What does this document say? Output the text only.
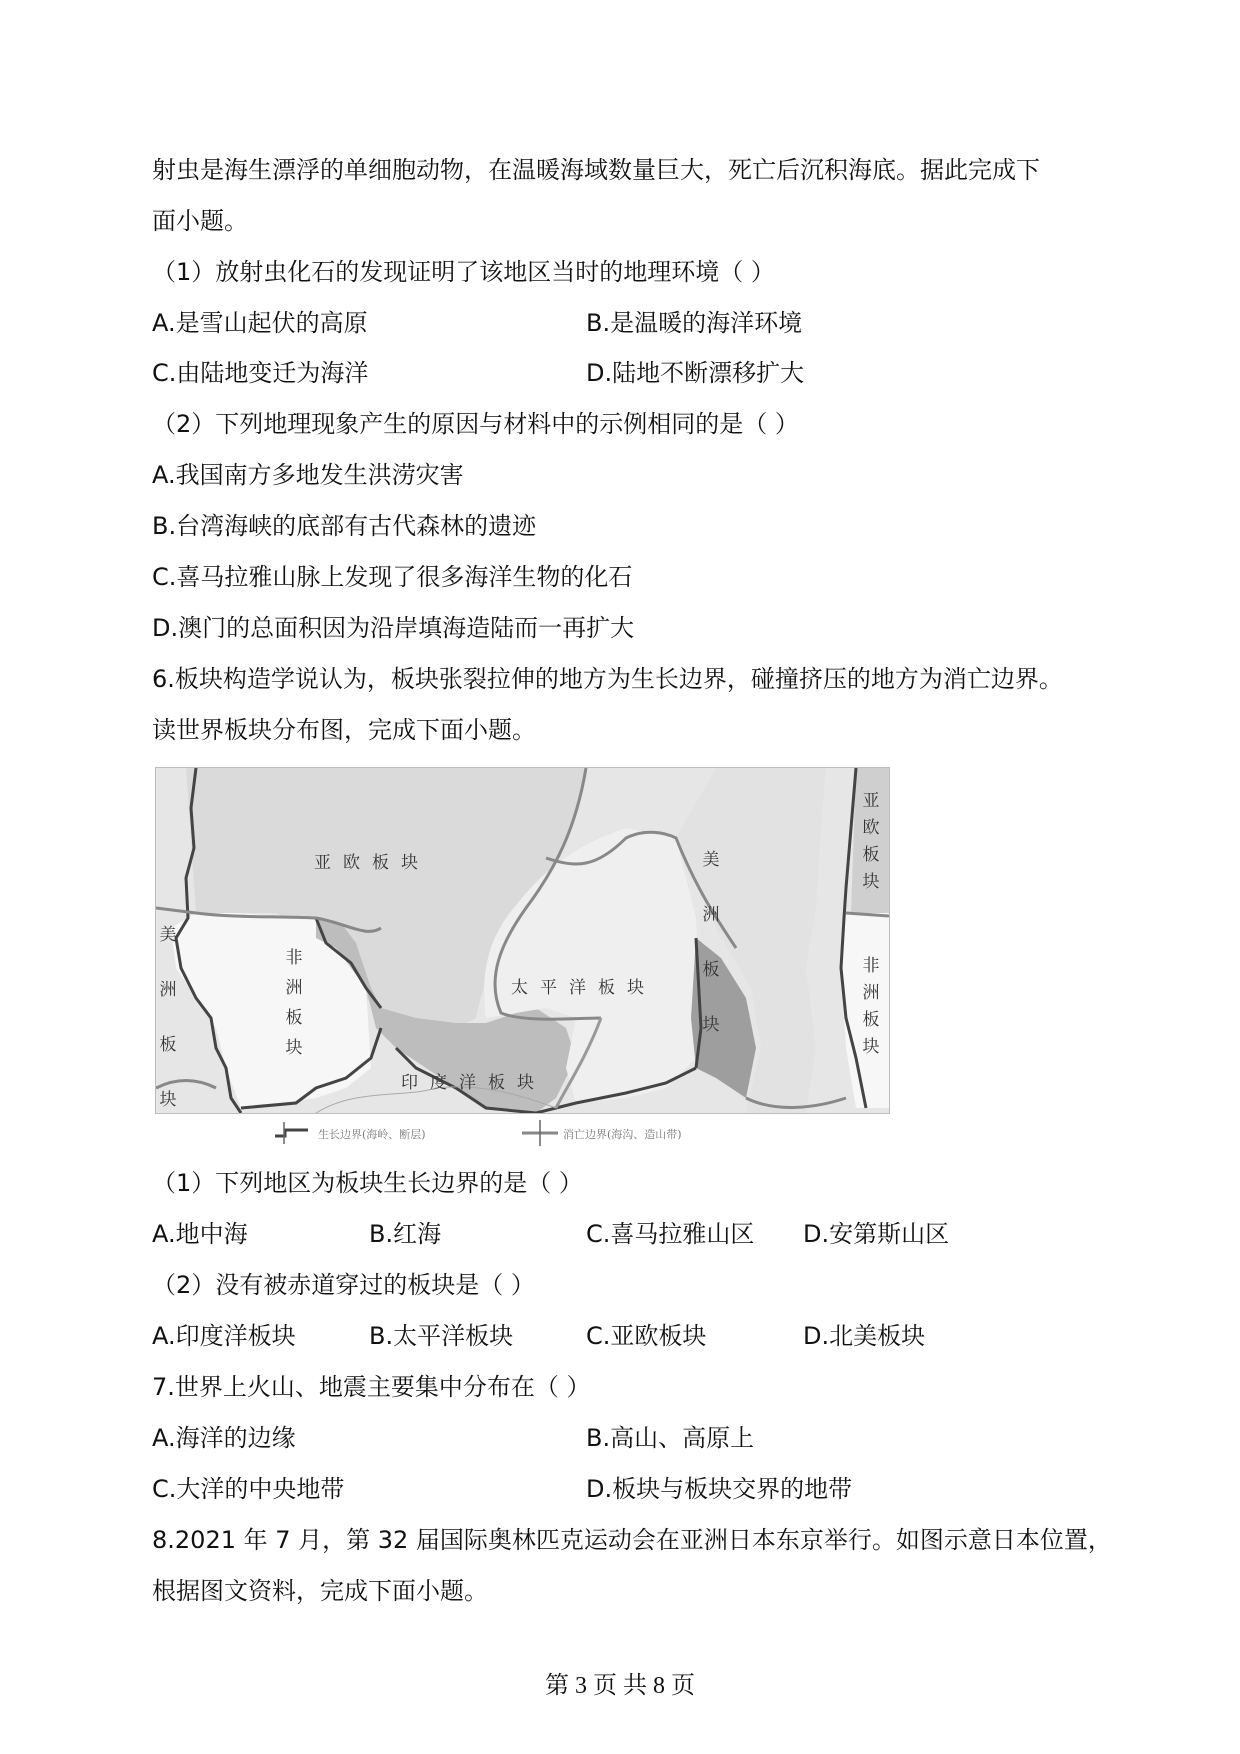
射虫是海生漂浮的单细胞动物，在温暖海域数量巨大，死亡后沉积海底。据此完成下
面小题。
（1）放射虫化石的发现证明了该地区当时的地理环境（ ）
A.是雪山起伏的高原	B.是温暖的海洋环境
C.由陆地变迁为海洋	D.陆地不断漂移扩大
（2）下列地理现象产生的原因与材料中的示例相同的是（ ）
A.我国南方多地发生洪涝灾害
B.台湾海峡的底部有古代森林的遗迹
C.喜马拉雅山脉上发现了很多海洋生物的化石
D.澳门的总面积因为沿岸填海造陆而一再扩大
6.板块构造学说认为，板块张裂拉伸的地方为生长边界，碰撞挤压的地方为消亡边界。
读世界板块分布图，完成下面小题。
亚欧板块
太平洋板块
印度洋板块
非
洲
板
块
美
洲
板
块
美
洲
板
块
亚
欧
板
块
非
洲
板
块
生长边界(海岭、断层)	消亡边界(海沟、造山带)
（1）下列地区为板块生长边界的是（ ）
A.地中海	B.红海	C.喜马拉雅山区 D.安第斯山区
（2）没有被赤道穿过的板块是（ ）
A.印度洋板块	B.太平洋板块	C.亚欧板块	D.北美板块
7.世界上火山、地震主要集中分布在（ ）
A.海洋的边缘	B.高山、高原上
C.大洋的中央地带	D.板块与板块交界的地带
8.2021 年 7 月，第 32 届国际奥林匹克运动会在亚洲日本东京举行。如图示意日本位置，
根据图文资料，完成下面小题。
第 3 页 共 8 页
